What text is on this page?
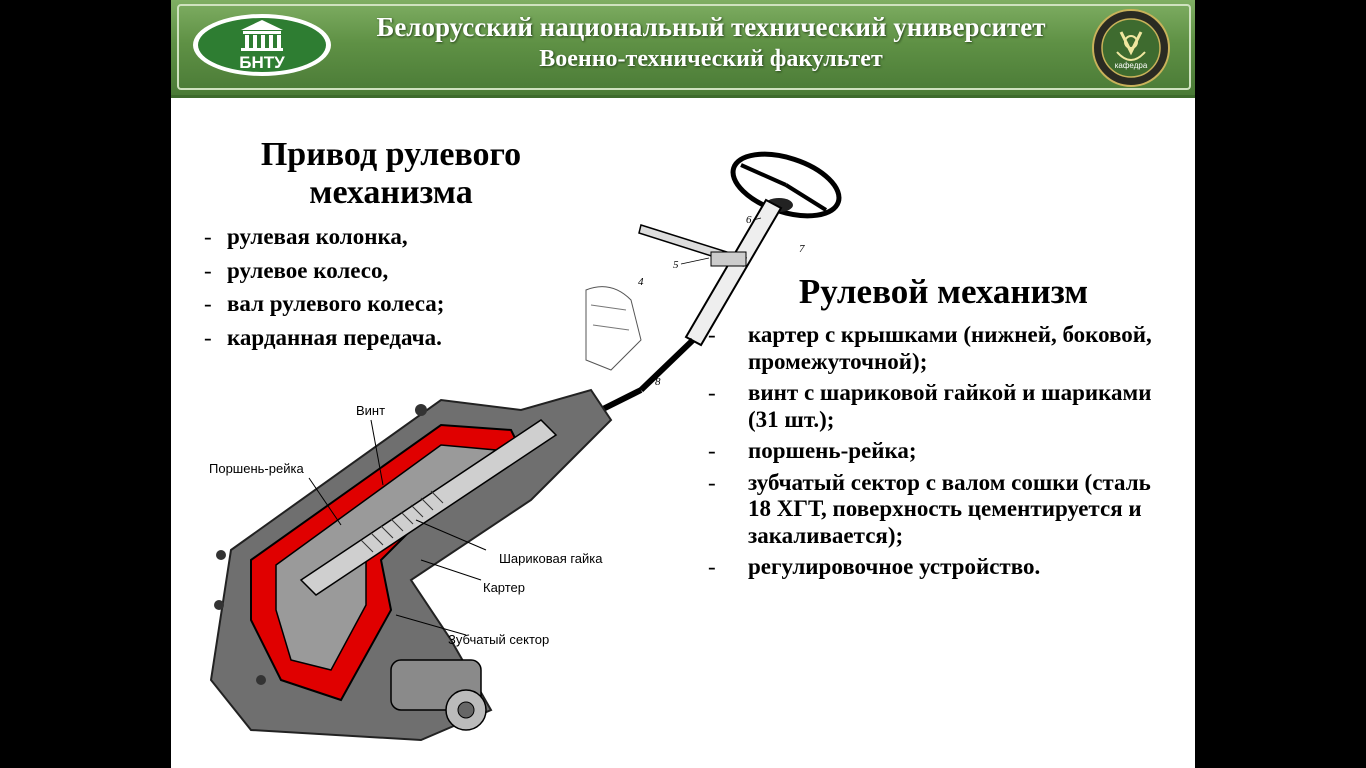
БНТУ
Белорусский национальный технический университет
Военно-технический факультет	кафедра
Привод рулевого
механизма
- рулевая колонка,
- рулевое колесо,
- вал рулевого колеса;
- карданная передача.
6
7
5
4
8
Винт
Поршень-рейка
Шариковая гайка
Картер
Зубчатый сектор
Рулевой механизм
- картер с крышками (нижней, боковой, промежуточной);
- винт с шариковой гайкой и шариками (31 шт.);
- поршень-рейка;
- зубчатый сектор с валом сошки (сталь 18 ХГТ, поверхность цементируется и закаливается);
- регулировочное устройство.
